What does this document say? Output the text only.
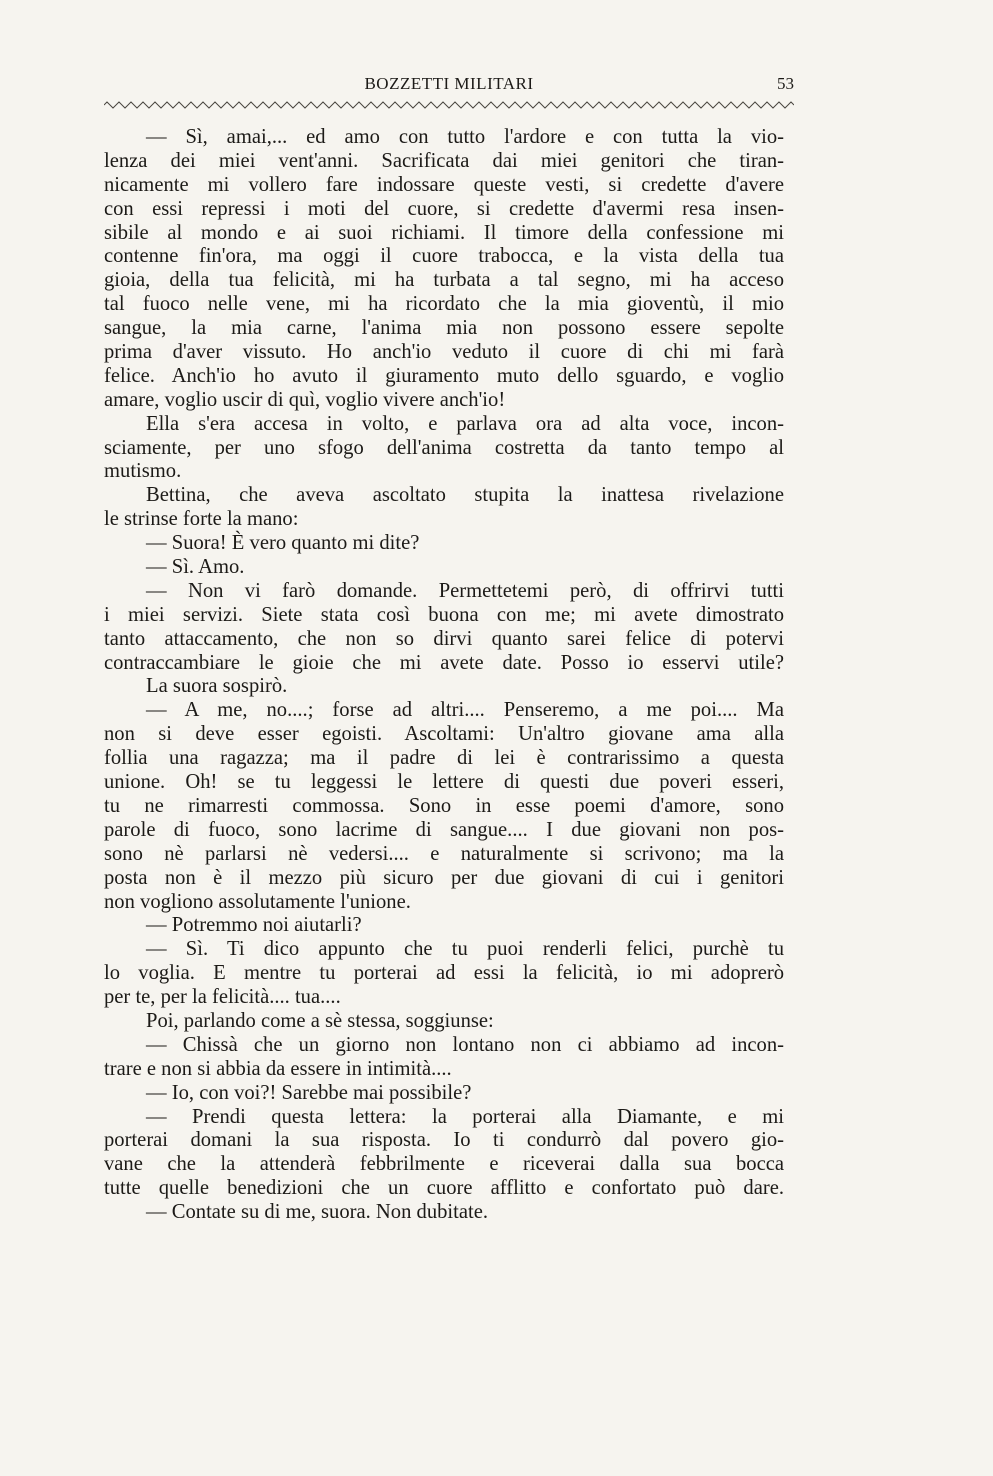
BOZZETTI MILITARI	53
— Sì, amai,... ed amo con tutto l'ardore e con tutta la vio-
lenza dei miei vent'anni. Sacrificata dai miei genitori che tiran-
nicamente mi vollero fare indossare queste vesti, si credette d'avere
con essi repressi i moti del cuore, si credette d'avermi resa insen-
sibile al mondo e ai suoi richiami. Il timore della confessione mi
contenne fin'ora, ma oggi il cuore trabocca, e la vista della tua
gioia, della tua felicità, mi ha turbata a tal segno, mi ha acceso
tal fuoco nelle vene, mi ha ricordato che la mia gioventù, il mio
sangue, la mia carne, l'anima mia non possono essere sepolte
prima d'aver vissuto. Ho anch'io veduto il cuore di chi mi farà
felice. Anch'io ho avuto il giuramento muto dello sguardo, e voglio
amare, voglio uscir di quì, voglio vivere anch'io!
Ella s'era accesa in volto, e parlava ora ad alta voce, incon-
sciamente, per uno sfogo dell'anima costretta da tanto tempo al
mutismo.
Bettina, che aveva ascoltato stupita la inattesa rivelazione
le strinse forte la mano:
— Suora! È vero quanto mi dite?
— Sì. Amo.
— Non vi farò domande. Permettetemi però, di offrirvi tutti
i miei servizi. Siete stata così buona con me; mi avete dimostrato
tanto attaccamento, che non so dirvi quanto sarei felice di potervi
contraccambiare le gioie che mi avete date. Posso io esservi utile?
La suora sospirò.
— A me, no....; forse ad altri.... Penseremo, a me poi.... Ma
non si deve esser egoisti. Ascoltami: Un'altro giovane ama alla
follia una ragazza; ma il padre di lei è contrarissimo a questa
unione. Oh! se tu leggessi le lettere di questi due poveri esseri,
tu ne rimarresti commossa. Sono in esse poemi d'amore, sono
parole di fuoco, sono lacrime di sangue.... I due giovani non pos-
sono nè parlarsi nè vedersi.... e naturalmente si scrivono; ma la
posta non è il mezzo più sicuro per due giovani di cui i genitori
non vogliono assolutamente l'unione.
— Potremmo noi aiutarli?
— Sì. Ti dico appunto che tu puoi renderli felici, purchè tu
lo voglia. E mentre tu porterai ad essi la felicità, io mi adoprerò
per te, per la felicità.... tua....
Poi, parlando come a sè stessa, soggiunse:
— Chissà che un giorno non lontano non ci abbiamo ad incon-
trare e non si abbia da essere in intimità....
— Io, con voi?! Sarebbe mai possibile?
— Prendi questa lettera: la porterai alla Diamante, e mi
porterai domani la sua risposta. Io ti condurrò dal povero gio-
vane che la attenderà febbrilmente e riceverai dalla sua bocca
tutte quelle benedizioni che un cuore afflitto e confortato può dare.
— Contate su di me, suora. Non dubitate.
